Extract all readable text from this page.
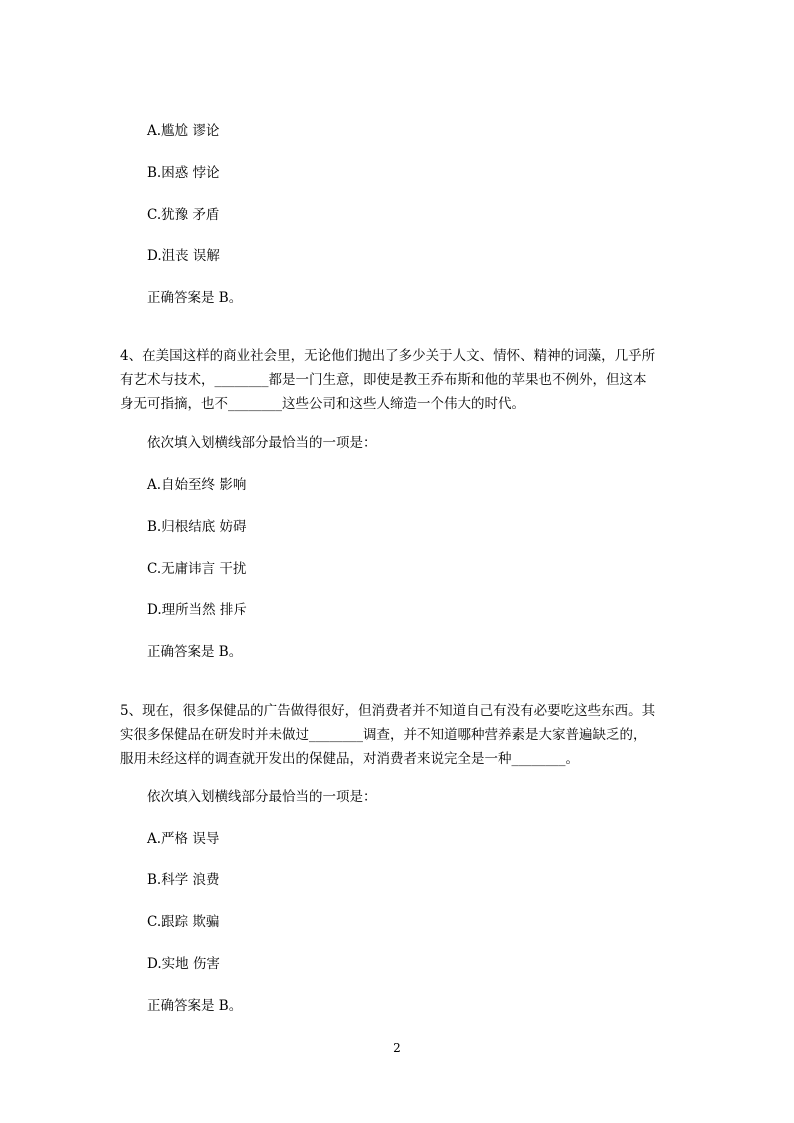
A.尴尬 谬论
B.困惑 悖论
C.犹豫 矛盾
D.沮丧 误解
正确答案是 B。
4、在美国这样的商业社会里，无论他们抛出了多少关于人文、情怀、精神的词藻，几乎所
有艺术与技术，________都是一门生意，即使是教王乔布斯和他的苹果也不例外，但这本
身无可指摘，也不________这些公司和这些人缔造一个伟大的时代。
依次填入划横线部分最恰当的一项是：
A.自始至终 影响
B.归根结底 妨碍
C.无庸讳言 干扰
D.理所当然 排斥
正确答案是 B。
5、现在，很多保健品的广告做得很好，但消费者并不知道自己有没有必要吃这些东西。其
实很多保健品在研发时并未做过________调查，并不知道哪种营养素是大家普遍缺乏的，
服用未经这样的调查就开发出的保健品，对消费者来说完全是一种________。
依次填入划横线部分最恰当的一项是：
A.严格 误导
B.科学 浪费
C.跟踪 欺骗
D.实地 伤害
正确答案是 B。
2
